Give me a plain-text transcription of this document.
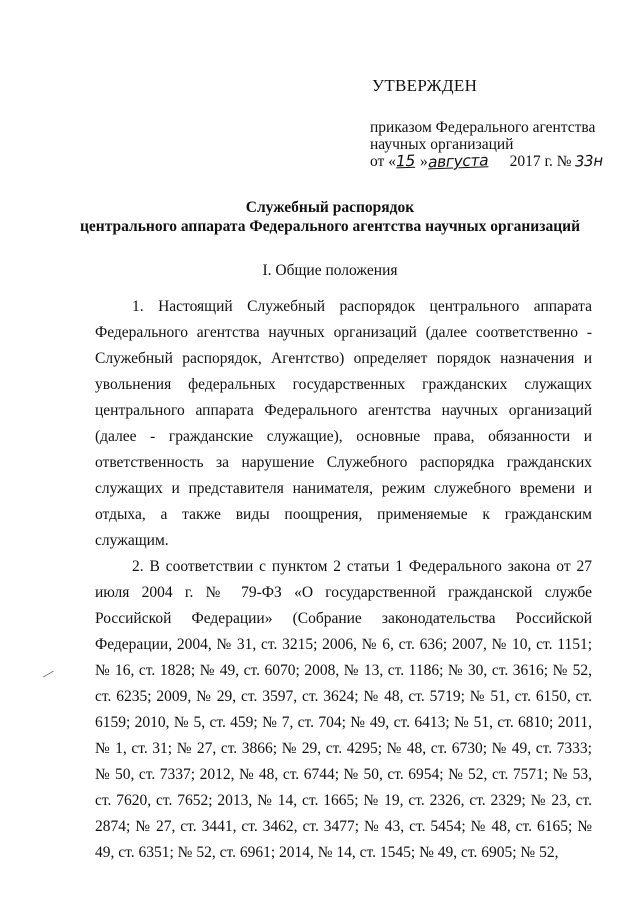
УТВЕРЖДЕН
приказом Федерального агентства
научных организаций
от «15 »августа 2017 г. № 33н
Служебный распорядок
центрального аппарата Федерального агентства научных организаций
I. Общие положения

1. Настоящий Служебный распорядок центрального аппарата Федерального агентства научных организаций (далее соответственно - Служебный распорядок, Агентство) определяет порядок назначения и увольнения федеральных государственных гражданских служащих центрального аппарата Федерального агентства научных организаций (далее - гражданские служащие), основные права, обязанности и ответственность за нарушение Служебного распорядка гражданских служащих и представителя нанимателя, режим служебного времени и отдыха, а также виды поощрения, применяемые к гражданским служащим.

2. В соответствии с пунктом 2 статьи 1 Федерального закона от 27 июля 2004 г. № 79-ФЗ «О государственной гражданской службе Российской Федерации» (Собрание законодательства Российской Федерации, 2004, № 31, ст. 3215; 2006, № 6, ст. 636; 2007, № 10, ст. 1151; № 16, ст. 1828; № 49, ст. 6070; 2008, № 13, ст. 1186; № 30, ст. 3616; № 52, ст. 6235; 2009, № 29, ст. 3597, ст. 3624; № 48, ст. 5719; № 51, ст. 6150, ст. 6159; 2010, № 5, ст. 459; № 7, ст. 704; № 49, ст. 6413; № 51, ст. 6810; 2011, № 1, ст. 31; № 27, ст. 3866; № 29, ст. 4295; № 48, ст. 6730; № 49, ст. 7333; № 50, ст. 7337; 2012, № 48, ст. 6744; № 50, ст. 6954; № 52, ст. 7571; № 53, ст. 7620, ст. 7652; 2013, № 14, ст. 1665; № 19, ст. 2326, ст. 2329; № 23, ст. 2874; № 27, ст. 3441, ст. 3462, ст. 3477; № 43, ст. 5454; № 48, ст. 6165; № 49, ст. 6351; № 52, ст. 6961; 2014, № 14, ст. 1545; № 49, ст. 6905; № 52,

—
